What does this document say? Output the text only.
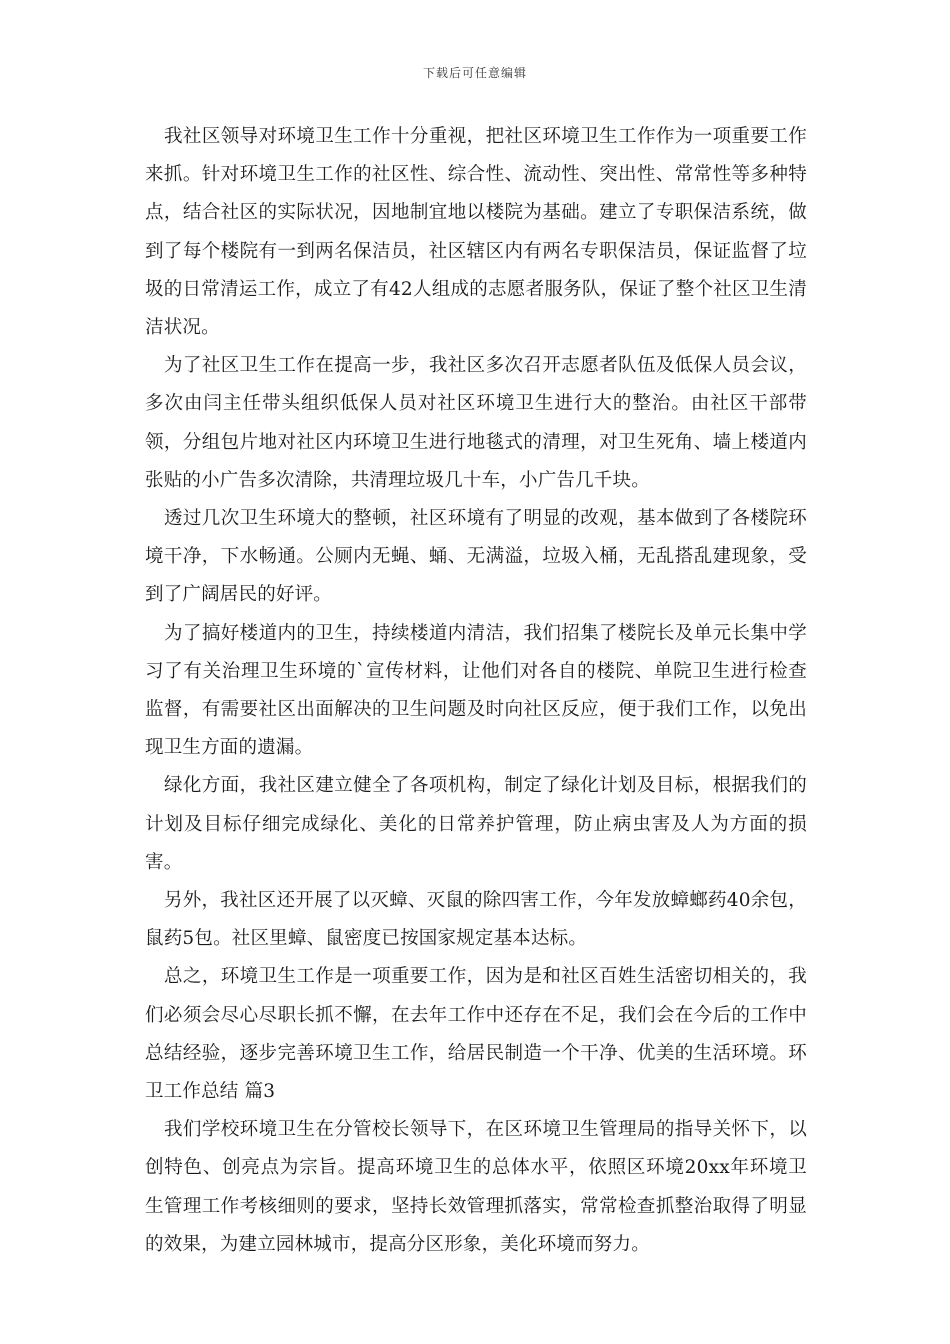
下载后可任意编辑

我社区领导对环境卫生工作十分重视，把社区环境卫生工作作为一项重要工作来抓。针对环境卫生工作的社区性、综合性、流动性、突出性、常常性等多种特点，结合社区的实际状况，因地制宜地以楼院为基础。建立了专职保洁系统，做到了每个楼院有一到两名保洁员，社区辖区内有两名专职保洁员，保证监督了垃圾的日常清运工作，成立了有42人组成的志愿者服务队，保证了整个社区卫生清洁状况。

为了社区卫生工作在提高一步，我社区多次召开志愿者队伍及低保人员会议，多次由闫主任带头组织低保人员对社区环境卫生进行大的整治。由社区干部带领，分组包片地对社区内环境卫生进行地毯式的清理，对卫生死角、墙上楼道内张贴的小广告多次清除，共清理垃圾几十车，小广告几千块。

透过几次卫生环境大的整顿，社区环境有了明显的改观，基本做到了各楼院环境干净，下水畅通。公厕内无蝇、蛹、无满溢，垃圾入桶，无乱搭乱建现象，受到了广阔居民的好评。

为了搞好楼道内的卫生，持续楼道内清洁，我们招集了楼院长及单元长集中学习了有关治理卫生环境的`宣传材料，让他们对各自的楼院、单院卫生进行检查监督，有需要社区出面解决的卫生问题及时向社区反应，便于我们工作，以免出现卫生方面的遗漏。

绿化方面，我社区建立健全了各项机构，制定了绿化计划及目标，根据我们的计划及目标仔细完成绿化、美化的日常养护管理，防止病虫害及人为方面的损害。

另外，我社区还开展了以灭蟑、灭鼠的除四害工作，今年发放蟑螂药40余包，鼠药5包。社区里蟑、鼠密度已按国家规定基本达标。

总之，环境卫生工作是一项重要工作，因为是和社区百姓生活密切相关的，我们必须会尽心尽职长抓不懈，在去年工作中还存在不足，我们会在今后的工作中总结经验，逐步完善环境卫生工作，给居民制造一个干净、优美的生活环境。环卫工作总结 篇3

我们学校环境卫生在分管校长领导下，在区环境卫生管理局的指导关怀下，以创特色、创亮点为宗旨。提高环境卫生的总体水平，依照区环境20xx年环境卫生管理工作考核细则的要求，坚持长效管理抓落实，常常检查抓整治取得了明显的效果，为建立园林城市，提高分区形象，美化环境而努力。
